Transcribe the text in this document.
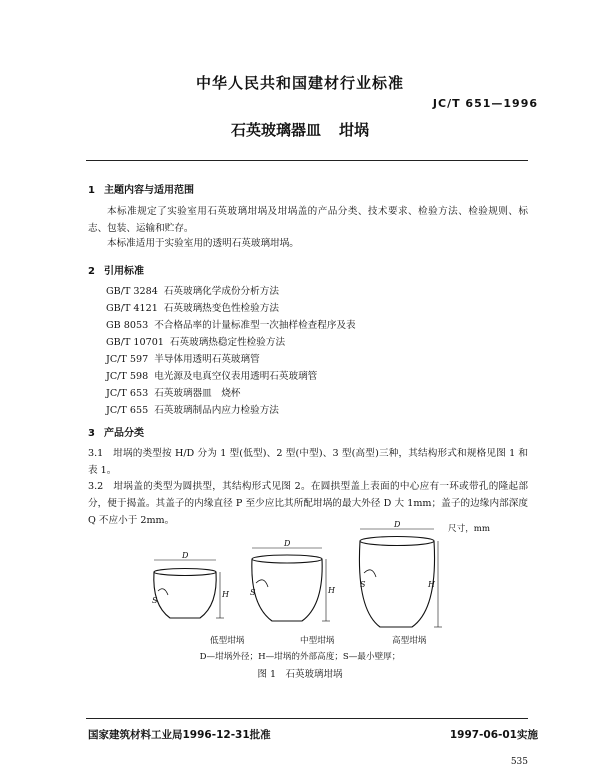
中华人民共和国建材行业标准
JC/T 651—1996
石英玻璃器皿 坩埚
1 主题内容与适用范围
本标准规定了实验室用石英玻璃坩埚及坩埚盖的产品分类、技术要求、检验方法、检验规则、标志、包装、运输和贮存。
本标准适用于实验室用的透明石英玻璃坩埚。
2 引用标准
GB/T 3284 石英玻璃化学成份分析方法
GB/T 4121 石英玻璃热变色性检验方法
GB 8053 不合格品率的计量标准型一次抽样检查程序及表
GB/T 10701 石英玻璃热稳定性检验方法
JC/T 597 半导体用透明石英玻璃管
JC/T 598 电光源及电真空仪表用透明石英玻璃管
JC/T 653 石英玻璃器皿　烧杯
JC/T 655 石英玻璃制品内应力检验方法
3 产品分类
3.1　坩埚的类型按 H/D 分为 1 型(低型)、2 型(中型)、3 型(高型)三种，其结构形式和规格见图 1 和表 1。
3.2　坩埚盖的类型为圆拱型，其结构形式见图 2。在圆拱型盖上表面的中心应有一环或带孔的隆起部分，便于揭盖。其盖子的内缘直径 P 至少应比其所配坩埚的最大外径 D 大 1mm；盖子的边缘内部深度 Q 不应小于 2mm。
D
H
S
D
H
S
D
H
S
尺寸，mm
低型坩埚	中型坩埚	高型坩埚
D—坩埚外径；H—坩埚的外部高度；S—最小壁厚；
图 1　石英玻璃坩埚
国家建筑材料工业局1996-12-31批准	1997-06-01实施
535
